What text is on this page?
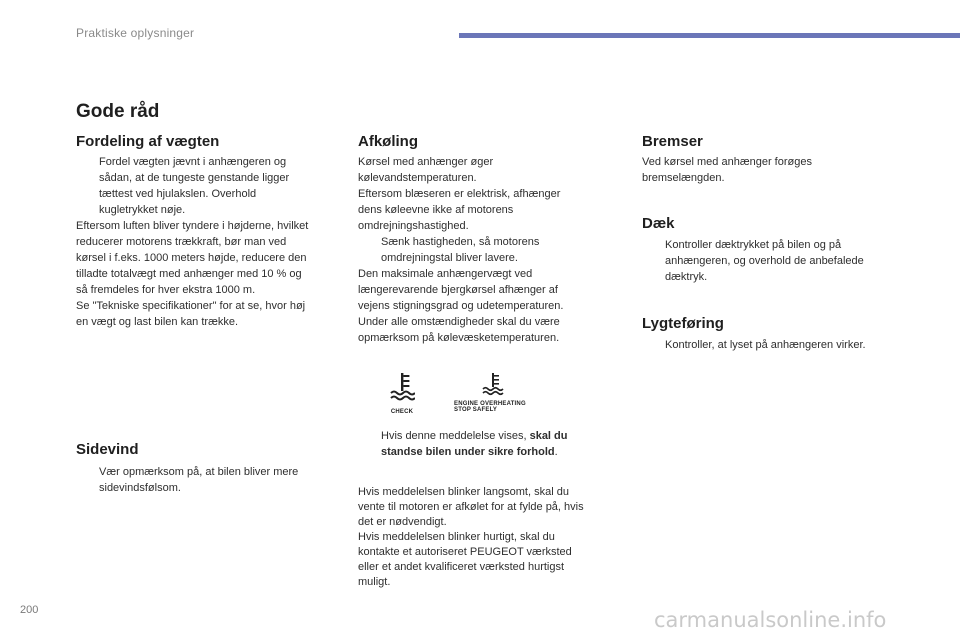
Praktiske oplysninger
Gode råd
Fordeling af vægten
Fordel vægten jævnt i anhængeren og sådan, at de tungeste genstande ligger tættest ved hjulakslen. Overhold kugletrykket nøje.
Eftersom luften bliver tyndere i højderne, hvilket
reducerer motorens trækkraft, bør man ved
kørsel i f.eks. 1000 meters højde, reducere den
tilladte totalvægt med anhænger med 10 % og
så fremdeles for hver ekstra 1000 m.
Se "Tekniske specifikationer" for at se, hvor høj
en vægt og last bilen kan trække.
Sidevind
Vær opmærksom på, at bilen bliver mere sidevindsfølsom.
Afkøling
Kørsel med anhænger øger
kølevandstemperaturen.
Eftersom blæseren er elektrisk, afhænger
dens køleevne ikke af motorens
omdrejningshastighed.
Sænk hastigheden, så motorens omdrejningstal bliver lavere.
Den maksimale anhængervægt ved
længerevarende bjergkørsel afhænger af
vejens stigningsgrad og udetemperaturen.
Under alle omstændigheder skal du være
opmærksom på kølevæsketemperaturen.
CHECK
ENGINE OVERHEATING
STOP SAFELY
Hvis denne meddelelse vises, skal du standse bilen under sikre forhold.
Hvis meddelelsen blinker langsomt, skal du
vente til motoren er afkølet for at fylde på, hvis
det er nødvendigt.
Hvis meddelelsen blinker hurtigt, skal du
kontakte et autoriseret PEUGEOT værksted
eller et andet kvalificeret værksted hurtigst
muligt.
Bremser
Ved kørsel med anhænger forøges
bremselængden.
Dæk
Kontroller dæktrykket på bilen og på anhængeren, og overhold de anbefalede dæktryk.
Lygteføring
Kontroller, at lyset på anhængeren virker.
200	carmanualsonline.info
